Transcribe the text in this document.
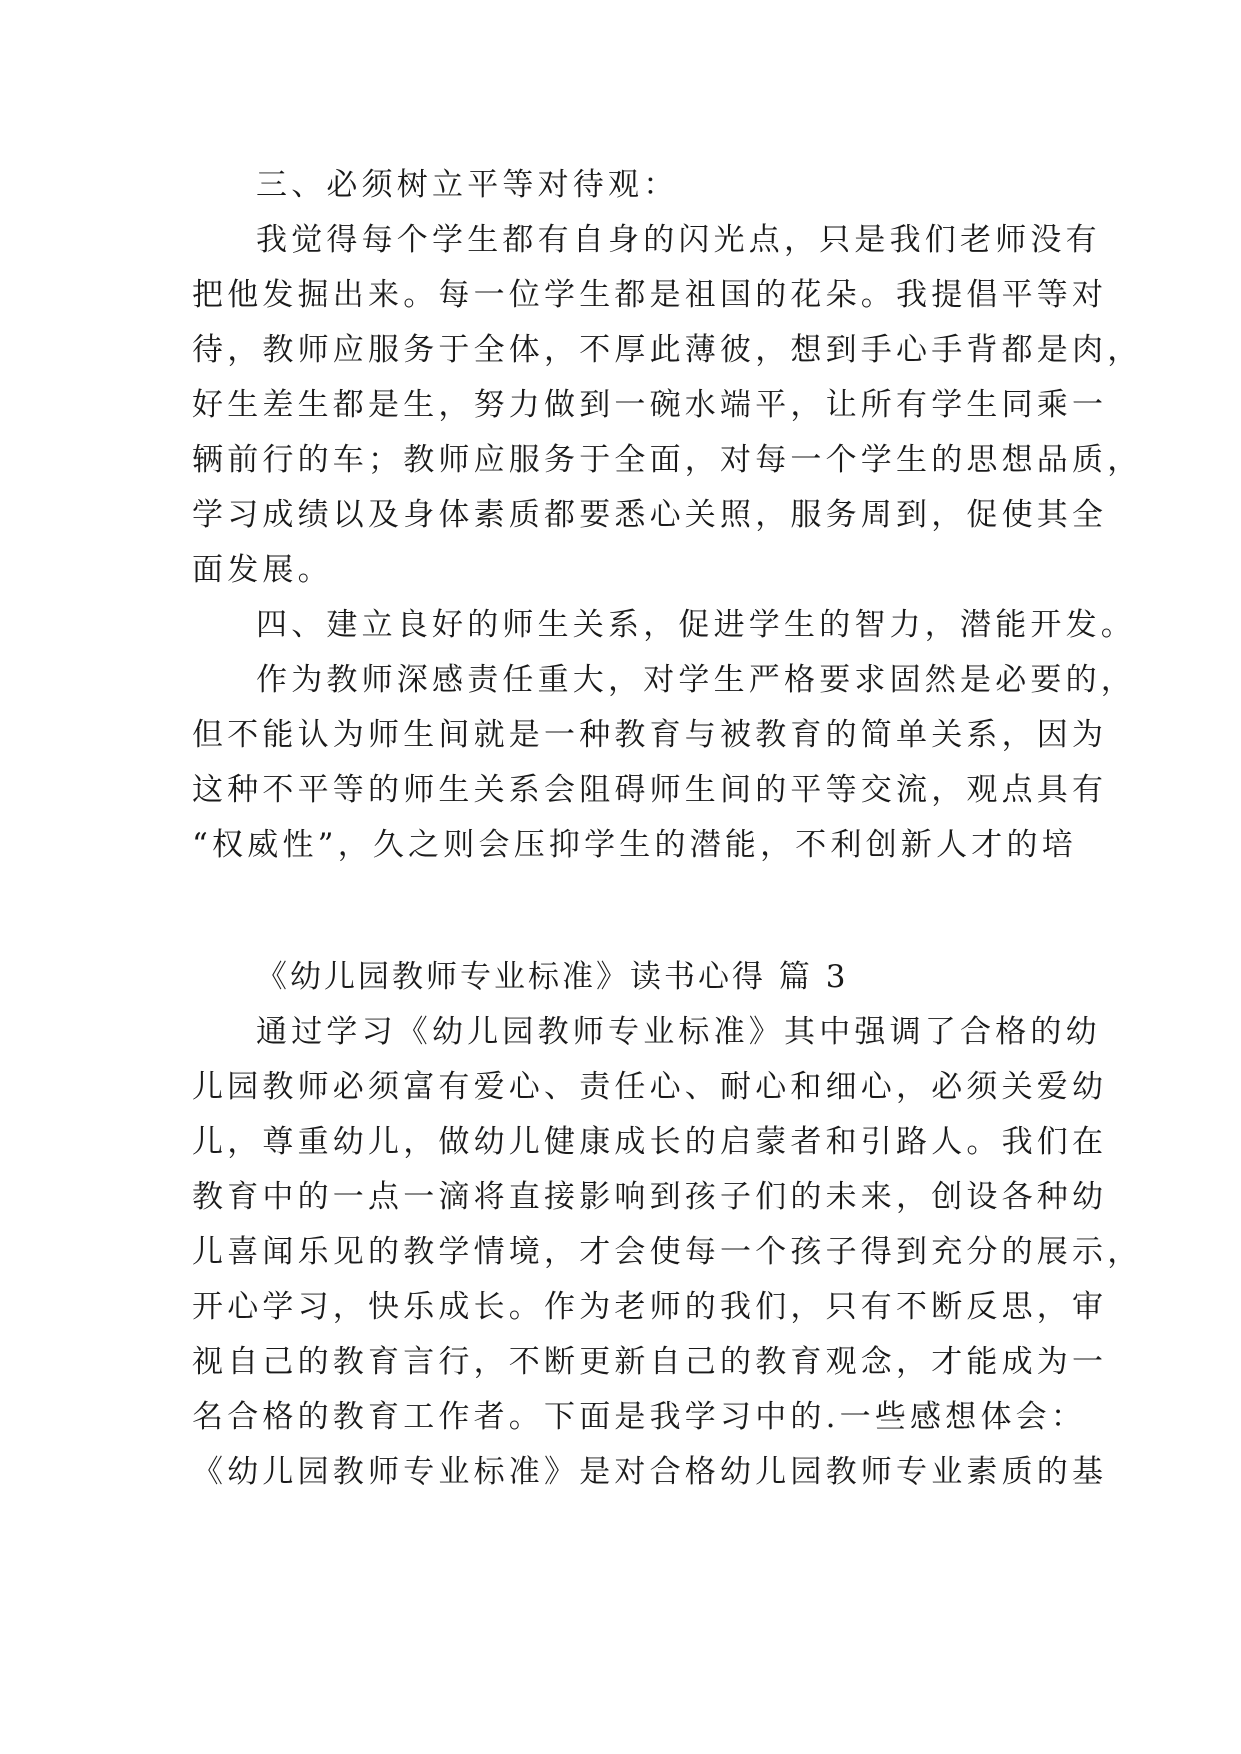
三、必须树立平等对待观：
我觉得每个学生都有自身的闪光点，只是我们老师没有
把他发掘出来。每一位学生都是祖国的花朵。我提倡平等对
待，教师应服务于全体，不厚此薄彼，想到手心手背都是肉，
好生差生都是生，努力做到一碗水端平，让所有学生同乘一
辆前行的车；教师应服务于全面，对每一个学生的思想品质，
学习成绩以及身体素质都要悉心关照，服务周到，促使其全
面发展。
四、建立良好的师生关系，促进学生的智力，潜能开发。
作为教师深感责任重大，对学生严格要求固然是必要的，
但不能认为师生间就是一种教育与被教育的简单关系，因为
这种不平等的师生关系会阻碍师生间的平等交流，观点具有
“权威性”，久之则会压抑学生的潜能，不利创新人才的培
《幼儿园教师专业标准》读书心得 篇 3
通过学习《幼儿园教师专业标准》其中强调了合格的幼
儿园教师必须富有爱心、责任心、耐心和细心，必须关爱幼
儿，尊重幼儿，做幼儿健康成长的启蒙者和引路人。我们在
教育中的一点一滴将直接影响到孩子们的未来，创设各种幼
儿喜闻乐见的教学情境，才会使每一个孩子得到充分的展示，
开心学习，快乐成长。作为老师的我们，只有不断反思，审
视自己的教育言行，不断更新自己的教育观念，才能成为一
名合格的教育工作者。下面是我学习中的.一些感想体会：
《幼儿园教师专业标准》是对合格幼儿园教师专业素质的基
